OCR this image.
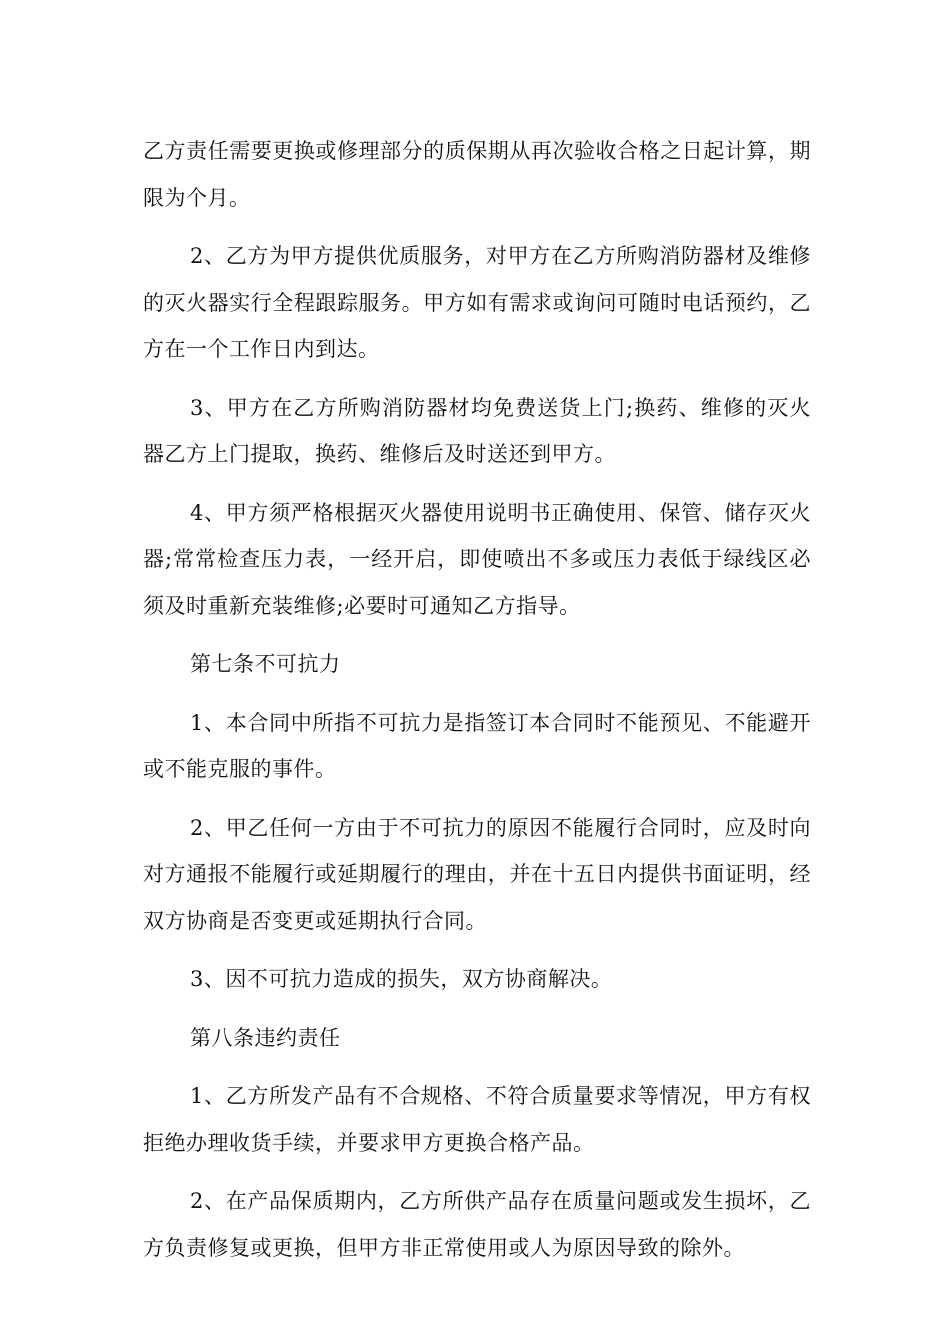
乙方责任需要更换或修理部分的质保期从再次验收合格之日起计算，期限为个月。

2、乙方为甲方提供优质服务，对甲方在乙方所购消防器材及维修的灭火器实行全程跟踪服务。甲方如有需求或询问可随时电话预约，乙方在一个工作日内到达。

3、甲方在乙方所购消防器材均免费送货上门;换药、维修的灭火器乙方上门提取，换药、维修后及时送还到甲方。

4、甲方须严格根据灭火器使用说明书正确使用、保管、储存灭火器;常常检查压力表，一经开启，即使喷出不多或压力表低于绿线区必须及时重新充装维修;必要时可通知乙方指导。

第七条不可抗力

1、本合同中所指不可抗力是指签订本合同时不能预见、不能避开或不能克服的事件。

2、甲乙任何一方由于不可抗力的原因不能履行合同时，应及时向对方通报不能履行或延期履行的理由，并在十五日内提供书面证明，经双方协商是否变更或延期执行合同。

3、因不可抗力造成的损失，双方协商解决。

第八条违约责任

1、乙方所发产品有不合规格、不符合质量要求等情况，甲方有权拒绝办理收货手续，并要求甲方更换合格产品。

2、在产品保质期内，乙方所供产品存在质量问题或发生损坏，乙方负责修复或更换，但甲方非正常使用或人为原因导致的除外。
